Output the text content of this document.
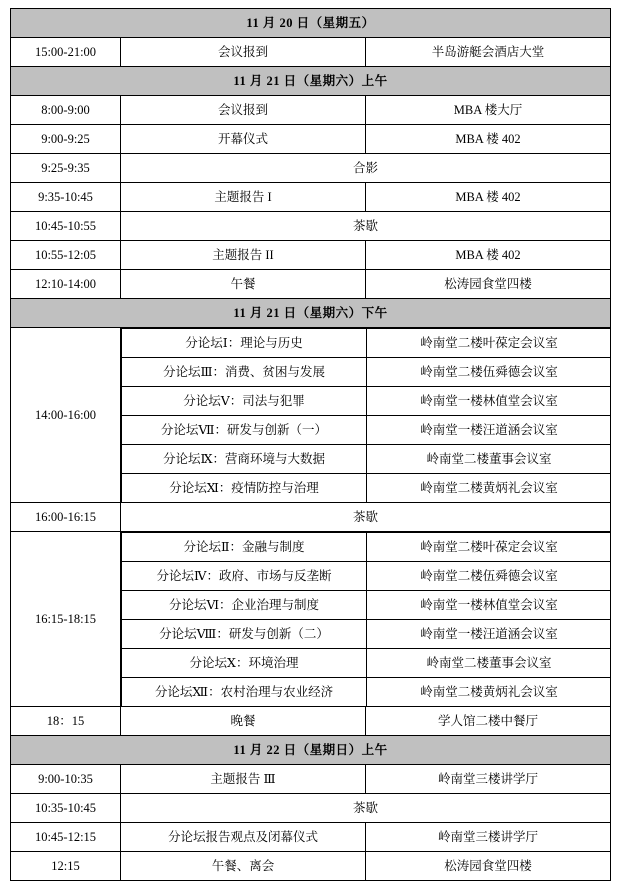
11 月 20 日（星期五）
15:00-21:00	会议报到	半岛游艇会酒店大堂
11 月 21 日（星期六）上午
8:00-9:00	会议报到	MBA 楼大厅
9:00-9:25	开幕仪式	MBA 楼 402
9:25-9:35	合影
9:35-10:45	主题报告 I	MBA 楼 402
10:45-10:55	茶歇
10:55-12:05	主题报告 II	MBA 楼 402
12:10-14:00	午餐	松涛园食堂四楼
11 月 21 日（星期六）下午
14:00-16:00	
分论坛Ⅰ：理论与历史	岭南堂二楼叶葆定会议室
分论坛Ⅲ：消费、贫困与发展	岭南堂二楼伍舜德会议室
分论坛Ⅴ：司法与犯罪	岭南堂一楼林值堂会议室
分论坛Ⅶ：研发与创新（一）	岭南堂一楼汪道涵会议室
分论坛Ⅸ：营商环境与大数据	岭南堂二楼董事会议室
分论坛Ⅺ：疫情防控与治理	岭南堂二楼黄炳礼会议室

16:00-16:15	茶歇
16:15-18:15	
分论坛Ⅱ：金融与制度	岭南堂二楼叶葆定会议室
分论坛Ⅳ：政府、市场与反垄断	岭南堂二楼伍舜德会议室
分论坛Ⅵ：企业治理与制度	岭南堂一楼林值堂会议室
分论坛Ⅷ：研发与创新（二）	岭南堂一楼汪道涵会议室
分论坛Ⅹ：环境治理	岭南堂二楼董事会议室
分论坛Ⅻ：农村治理与农业经济	岭南堂二楼黄炳礼会议室

18：15	晚餐	学人馆二楼中餐厅
11 月 22 日（星期日）上午
9:00-10:35	主题报告 Ⅲ	岭南堂三楼讲学厅
10:35-10:45	茶歇
10:45-12:15	分论坛报告观点及闭幕仪式	岭南堂三楼讲学厅
12:15	午餐、离会	松涛园食堂四楼
